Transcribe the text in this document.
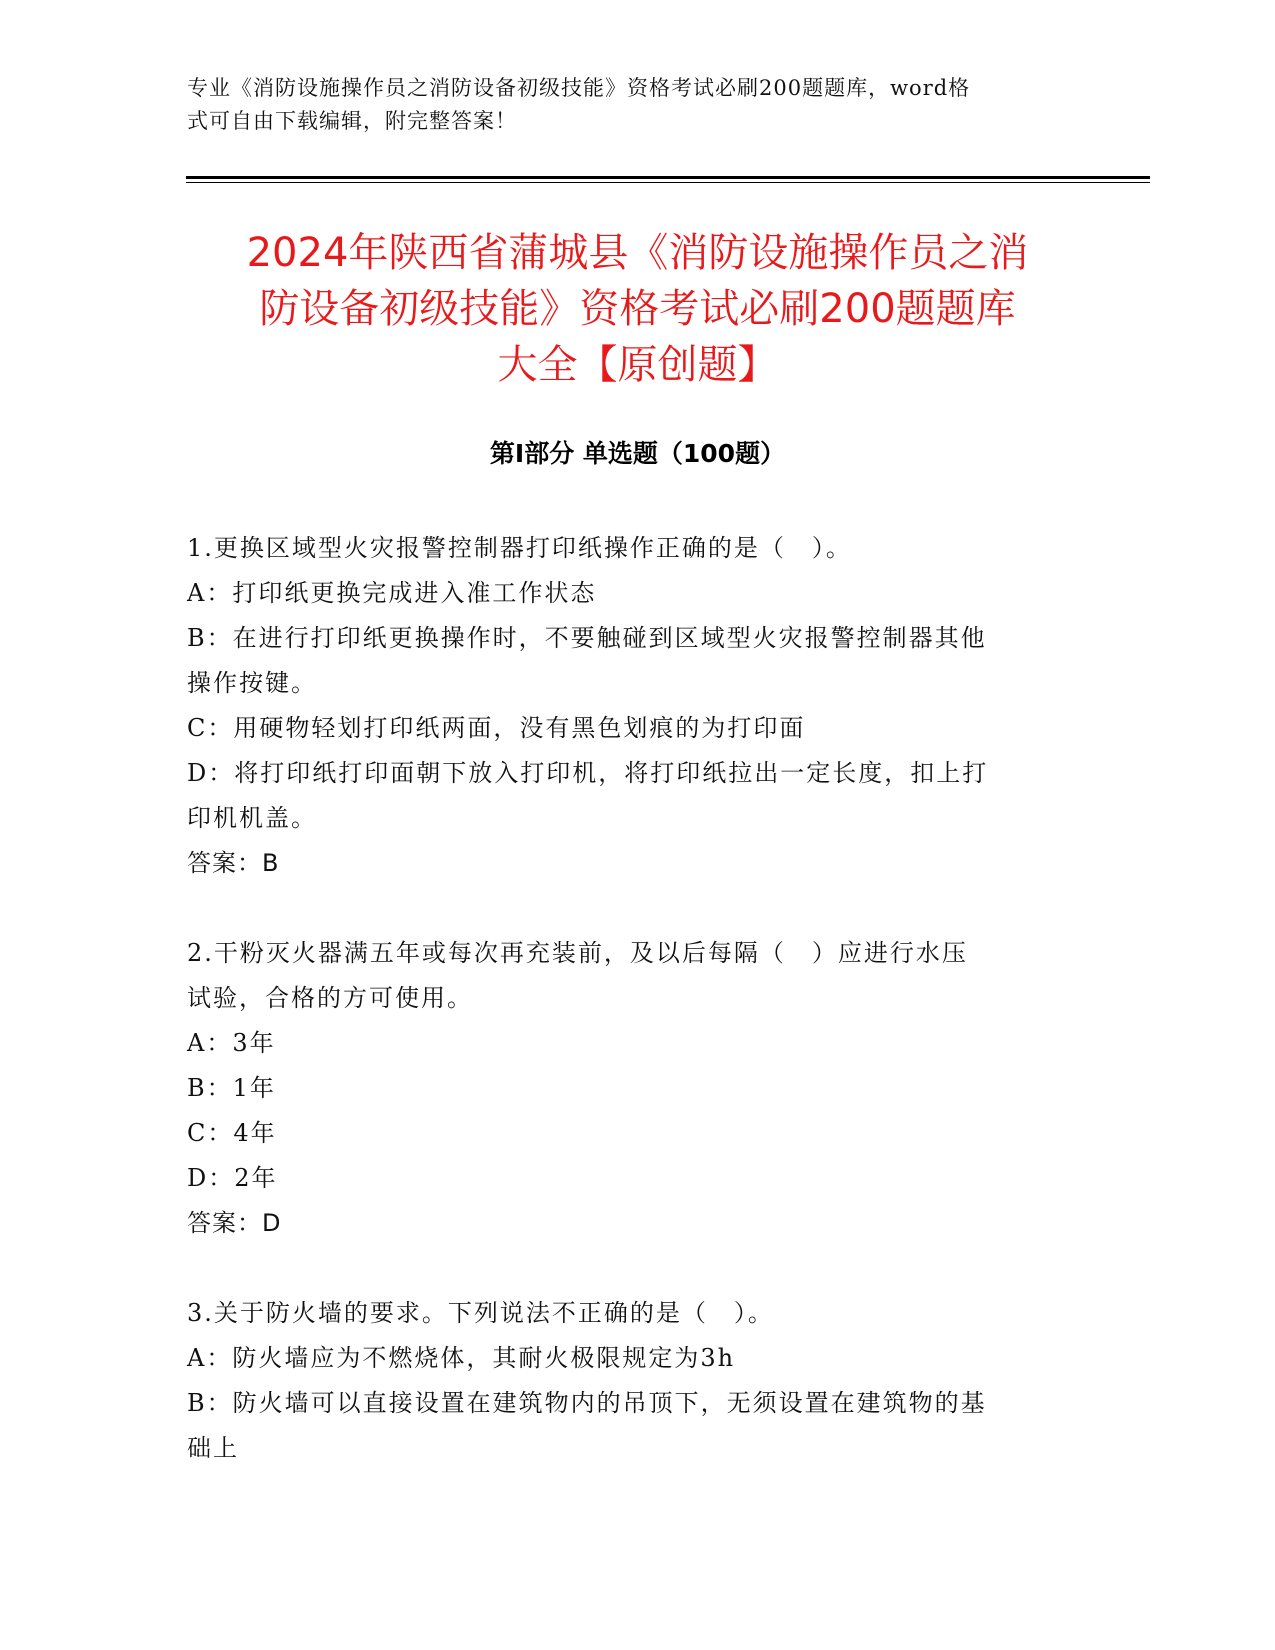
专业《消防设施操作员之消防设备初级技能》资格考试必刷200题题库，word格
式可自由下载编辑，附完整答案！
2024年陕西省蒲城县《消防设施操作员之消
防设备初级技能》资格考试必刷200题题库
大全【原创题】
第Ⅰ部分 单选题（100题）
1.更换区域型火灾报警控制器打印纸操作正确的是（　）。
A：打印纸更换完成进入准工作状态
B：在进行打印纸更换操作时，不要触碰到区域型火灾报警控制器其他
操作按键。
C：用硬物轻划打印纸两面，没有黑色划痕的为打印面
D：将打印纸打印面朝下放入打印机，将打印纸拉出一定长度，扣上打
印机机盖。
答案：B
2.干粉灭火器满五年或每次再充装前，及以后每隔（　）应进行水压
试验，合格的方可使用。
A：3年
B：1年
C：4年
D：2年
答案：D
3.关于防火墙的要求。下列说法不正确的是（　）。
A：防火墙应为不燃烧体，其耐火极限规定为3h
B：防火墙可以直接设置在建筑物内的吊顶下，无须设置在建筑物的基
础上
